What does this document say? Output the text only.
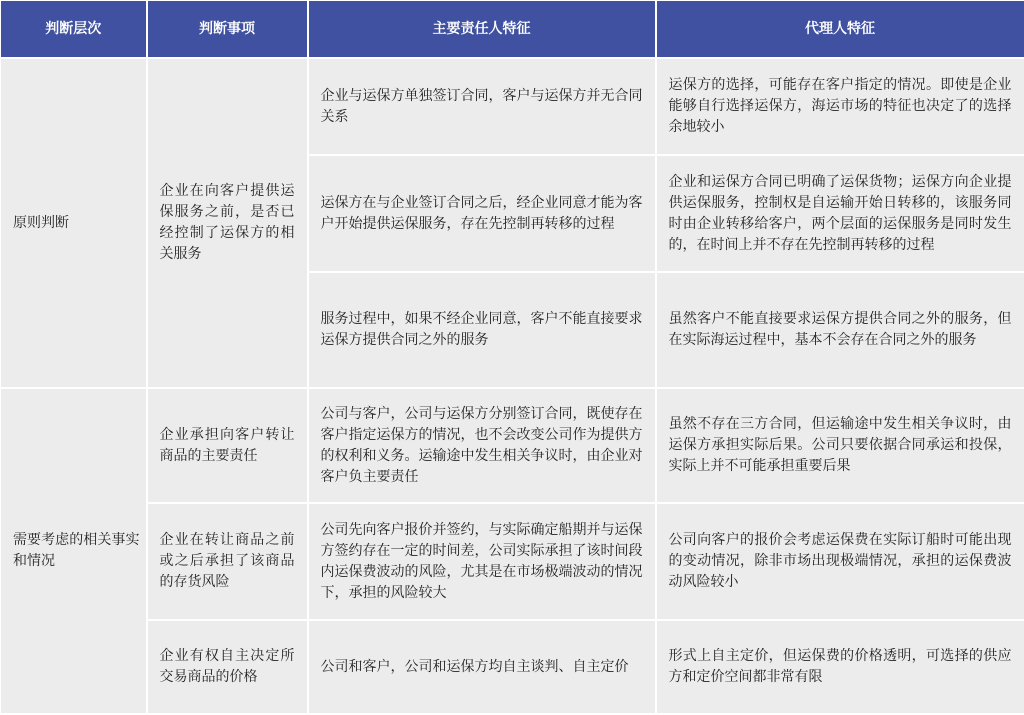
判断层次	判断事项	主要责任人特征	代理人特征
原则判断	企业在向客户提供运保服务之前，是否已经控制了运保方的相关服务	企业与运保方单独签订合同，客户与运保方并无合同关系	运保方的选择，可能存在客户指定的情况。即使是企业能够自行选择运保方，海运市场的特征也决定了的选择余地较小
		运保方在与企业签订合同之后，经企业同意才能为客户开始提供运保服务，存在先控制再转移的过程	企业和运保方合同已明确了运保货物；运保方向企业提供运保服务，控制权是自运输开始日转移的，该服务同时由企业转移给客户，两个层面的运保服务是同时发生的，在时间上并不存在先控制再转移的过程
		服务过程中，如果不经企业同意，客户不能直接要求运保方提供合同之外的服务	虽然客户不能直接要求运保方提供合同之外的服务，但在实际海运过程中，基本不会存在合同之外的服务
需要考虑的相关事实和情况	企业承担向客户转让商品的主要责任	公司与客户，公司与运保方分别签订合同，既使存在客户指定运保方的情况，也不会改变公司作为提供方的权利和义务。运输途中发生相关争议时，由企业对客户负主要责任	虽然不存在三方合同，但运输途中发生相关争议时，由运保方承担实际后果。公司只要依据合同承运和投保，实际上并不可能承担重要后果
	企业在转让商品之前或之后承担了该商品的存货风险	公司先向客户报价并签约，与实际确定船期并与运保方签约存在一定的时间差，公司实际承担了该时间段内运保费波动的风险，尤其是在市场极端波动的情况下，承担的风险较大	公司向客户的报价会考虑运保费在实际订船时可能出现的变动情况，除非市场出现极端情况，承担的运保费波动风险较小
	企业有权自主决定所交易商品的价格	公司和客户，公司和运保方均自主谈判、自主定价	形式上自主定价，但运保费的价格透明，可选择的供应方和定价空间都非常有限
